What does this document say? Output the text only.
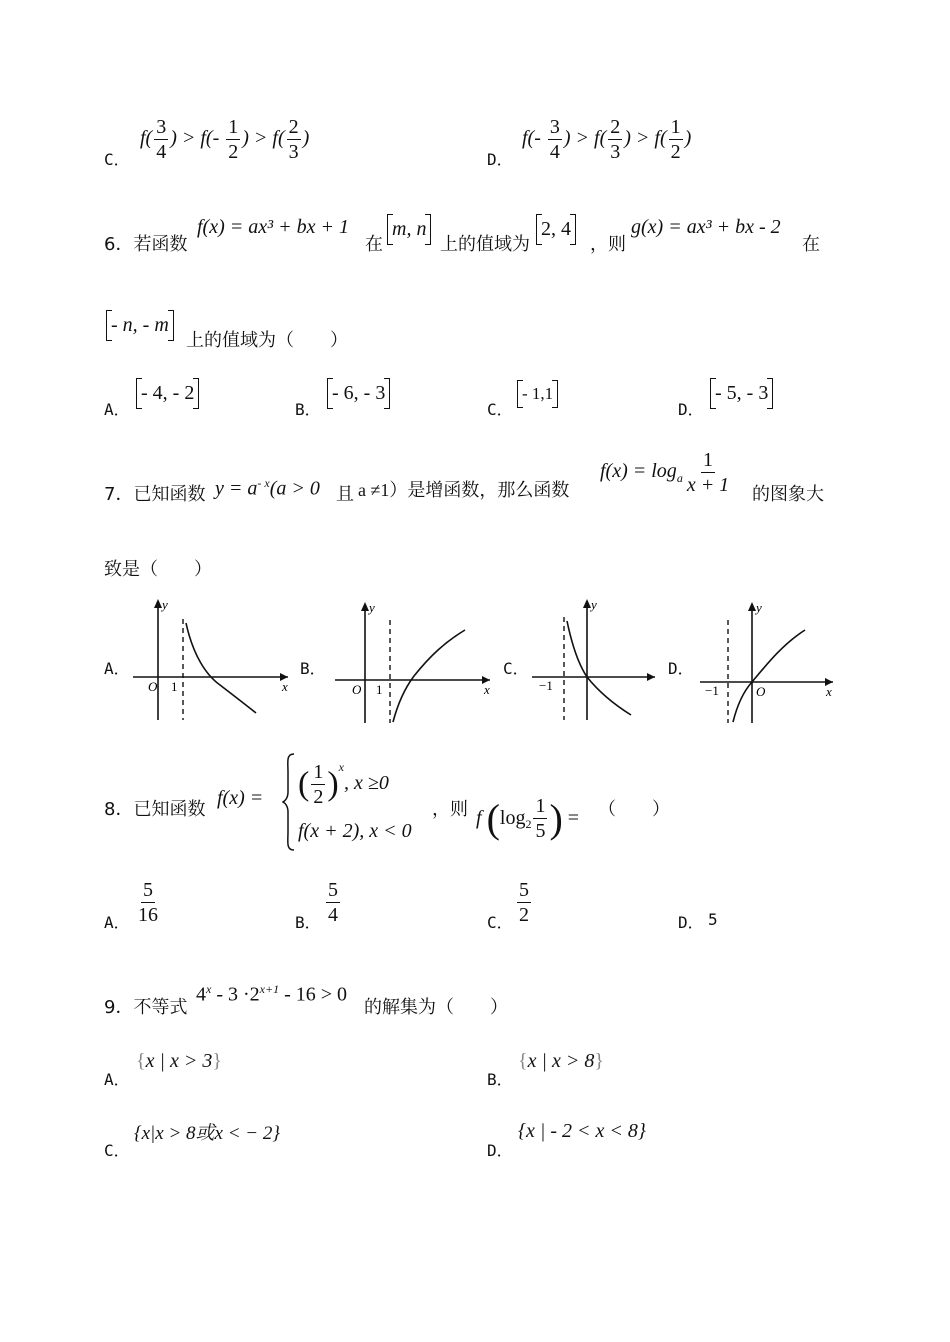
C．
$f( \frac{3}{4}$ ) > $f(- \frac{1}{2}$ ) > $f( \frac{2}{3}$ )
D．
$f(- \frac{3}{4}$ ) > $f( \frac{2}{3}$ ) > $f( \frac{1}{2}$ )
6．若函数
f(x) = ax³ + bx + 1
在
m, n
上的值域为
2, 4
，则
g(x) = ax³ + bx - 2
在
- n, - m
上的值域为（　　）
A．
- 4, - 2
B．
- 6, - 3
C．
- 1,1
D．
- 5, - 3
7．已知函数 $y = a^{- x}(a > 0$ 且 a ≠1）是增函数，那么函数
$f(x) = \log_a \frac{1}{x + 1}$ 的图象大
致是（　　）
A．
y
x
O 1
B．
y
x
O 1
C．
y
−1
D．
y
x
O
−1
8．已知函数
f(x) = ( $\frac{1}{2} )^x$, x ≥0
f(x + 2), x < 0
，则 f ($\log_2 \frac{1}{5}$ ) = （　　）
A． $\frac{5}{16}$	B． $\frac{5}{4}$	C． $\frac{5}{2}$	D． 5
9．不等式
$4^x - 3 \cdot 2^{x+1} - 16 > 0$
的解集为（　　）
A．
{x | x > 3}
B．
{x | x > 8}
C．
{x|x > 8或x < − 2}
D．
{x | - 2 < x < 8}
